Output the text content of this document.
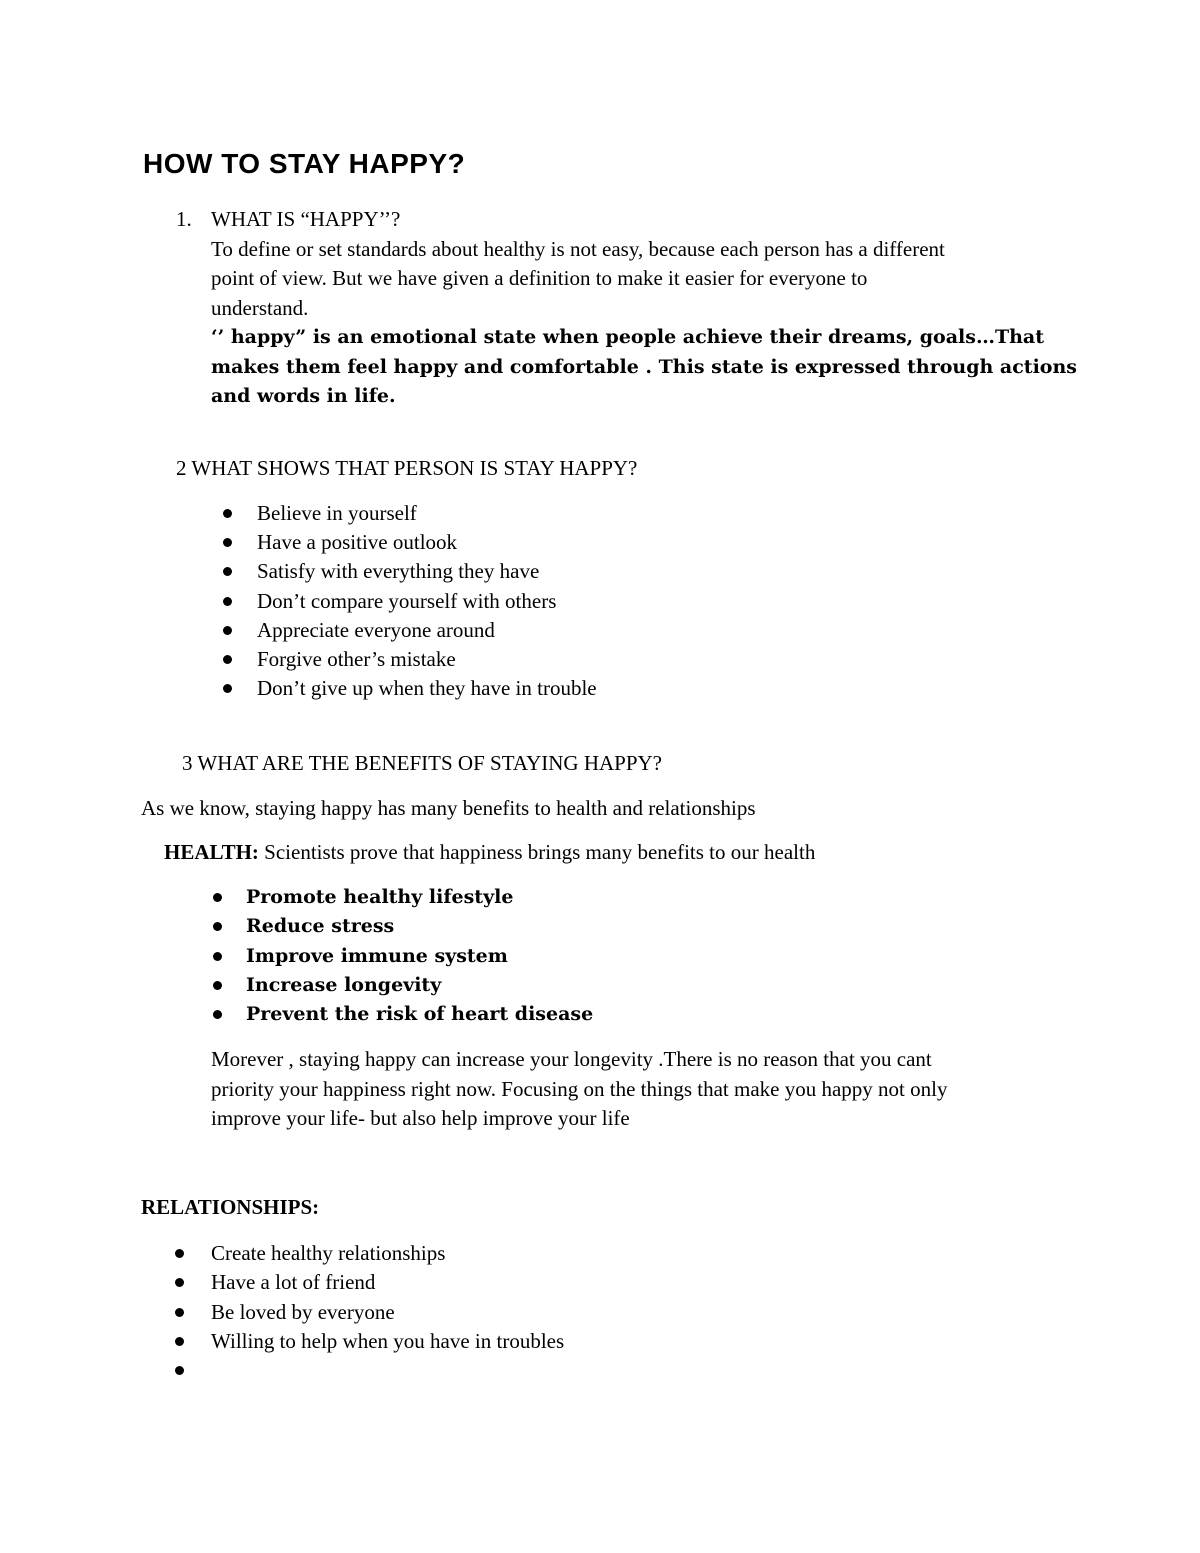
HOW TO STAY HAPPY?
1. WHAT IS “HAPPY’’?
To define or set standards about healthy is not easy, because each person has a different
point of view. But we have given a definition to make it easier for everyone to
understand.
‘’ happy” is an emotional state when people achieve their dreams, goals…That
makes them feel happy and comfortable . This state is expressed through actions
and words in life.
2 WHAT SHOWS THAT PERSON IS STAY HAPPY?
Believe in yourself
Have a positive outlook
Satisfy with everything they have
Don’t compare yourself with others
Appreciate everyone around
Forgive other’s mistake
Don’t give up when they have in trouble
3 WHAT ARE THE BENEFITS OF STAYING HAPPY?
As we know, staying happy has many benefits to health and relationships
HEALTH: Scientists prove that happiness brings many benefits to our health
Promote healthy lifestyle
Reduce stress
Improve immune system
Increase longevity
Prevent the risk of heart disease
Morever , staying happy can increase your longevity .There is no reason that you cant
priority your happiness right now. Focusing on the things that make you happy not only
improve your life- but also help improve your life
RELATIONSHIPS:
Create healthy relationships
Have a lot of friend
Be loved by everyone
Willing to help when you have in troubles
